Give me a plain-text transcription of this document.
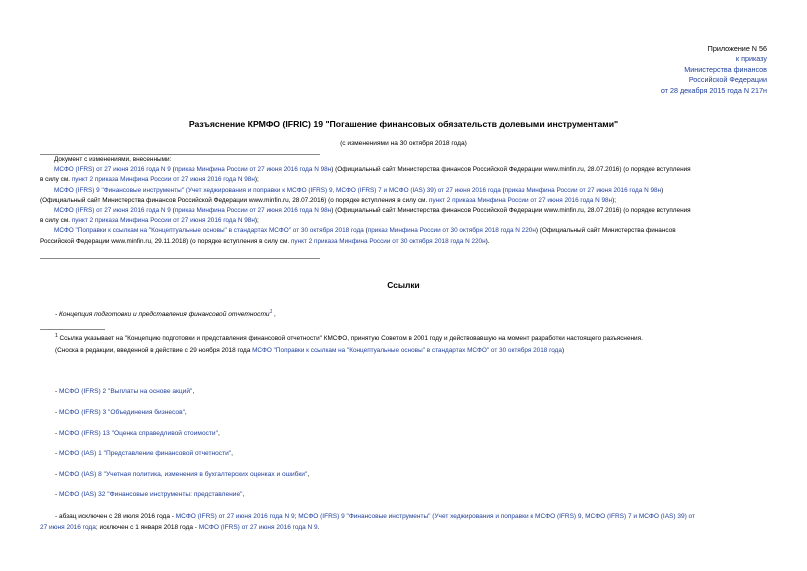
Приложение N 56
к приказу
Министерства финансов
Российской Федерации
от 28 декабря 2015 года N 217н
Разъяснение КРМФО (IFRIC) 19 "Погашение финансовых обязательств долевыми инструментами"
(с изменениями на 30 октября 2018 года)

Документ с изменениями, внесенными:

МСФО (IFRS) от 27 июня 2016 года N 9 (приказ Минфина России от 27 июня 2016 года N 98н) (Официальный сайт Министерства финансов Российской Федерации www.minfin.ru, 28.07.2016) (о порядке вступления

в силу см. пункт 2 приказа Минфина России от 27 июня 2016 года N 98н);

МСФО (IFRS) 9 "Финансовые инструменты" (Учет хеджирования и поправки к МСФО (IFRS) 9, МСФО (IFRS) 7 и МСФО (IAS) 39) от 27 июня 2016 года (приказ Минфина России от 27 июня 2016 года N 98н)

(Официальный сайт Министерства финансов Российской Федерации www.minfin.ru, 28.07.2016) (о порядке вступления в силу см. пункт 2 приказа Минфина России от 27 июня 2016 года N 98н);

МСФО (IFRS) от 27 июня 2016 года N 9 (приказ Минфина России от 27 июня 2016 года N 98н) (Официальный сайт Министерства финансов Российской Федерации www.minfin.ru, 28.07.2016) (о порядке вступления

в силу см. пункт 2 приказа Минфина России от 27 июня 2016 года N 98н);

МСФО "Поправки к ссылкам на "Концептуальные основы" в стандартах МСФО" от 30 октября 2018 года (приказ Минфина России от 30 октября 2018 года N 220н) (Официальный сайт Министерства финансов

Российской Федерации www.minfin.ru, 29.11.2018) (о порядке вступления в силу см. пункт 2 приказа Минфина России от 30 октября 2018 года N 220н).

Ссылки
- Концепция подготовки и представления финансовой отчетности$^1$ ,
$^1$ Ссылка указывает на "Концепцию подготовки и представления финансовой отчетности" КМСФО, принятую Советом в 2001 году и действовавшую на момент разработки настоящего разъяснения.
(Сноска в редакции, введенной в действие с 29 ноября 2018 года МСФО "Поправки к ссылкам на "Концептуальные основы" в стандартах МСФО" от 30 октября 2018 года)
- МСФО (IFRS) 2 "Выплаты на основе акций",
- МСФО (IFRS) 3 "Объединения бизнесов",
- МСФО (IFRS) 13 "Оценка справедливой стоимости",
- МСФО (IAS) 1 "Представление финансовой отчетности",
- МСФО (IAS) 8 "Учетная политика, изменения в бухгалтерских оценках и ошибки",
- МСФО (IAS) 32 "Финансовые инструменты: представление",

- абзац исключен с 28 июля 2016 года - МСФО (IFRS) от 27 июня 2016 года N 9; МСФО (IFRS) 9 "Финансовые инструменты" (Учет хеджирования и поправки к МСФО (IFRS) 9, МСФО (IFRS) 7 и МСФО (IAS) 39) от

27 июня 2016 года; исключен с 1 января 2018 года - МСФО (IFRS) от 27 июня 2016 года N 9.
